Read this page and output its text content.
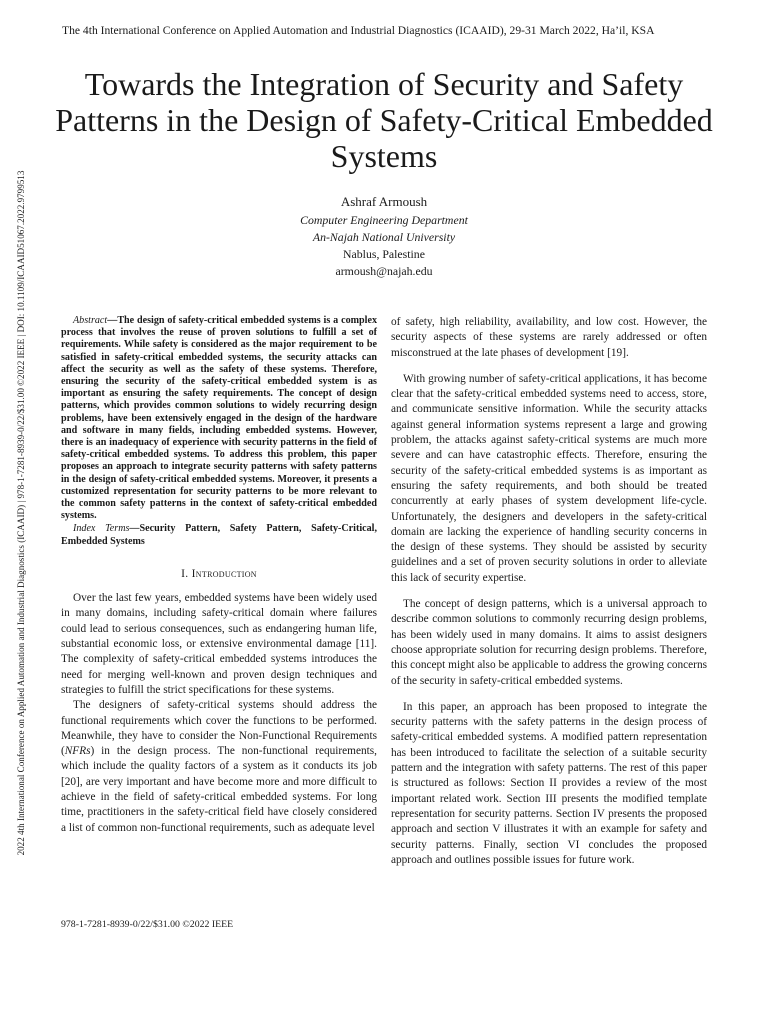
The 4th International Conference on Applied Automation and Industrial Diagnostics (ICAAID), 29-31 March 2022, Ha’il, KSA
2022 4th International Conference on Applied Automation and Industrial Diagnostics (ICAAID) | 978-1-7281-8939-0/22/$31.00 ©2022 IEEE | DOI: 10.1109/ICAAID51067.2022.9799513
Towards the Integration of Security and Safety Patterns in the Design of Safety-Critical Embedded Systems
Ashraf Armoush
Computer Engineering Department
An-Najah National University
Nablus, Palestine
armoush@najah.edu

Abstract—The design of safety-critical embedded systems is a complex process that involves the reuse of proven solutions to fulfill a set of requirements. While safety is considered as the major requirement to be satisfied in safety-critical embedded systems, the security attacks can affect the security as well as the safety of these systems. Therefore, ensuring the security of the safety-critical embedded system is as important as ensuring the safety requirements. The concept of design patterns, which provides common solutions to widely recurring design problems, have been extensively engaged in the design of the hardware and software in many fields, including embedded systems. However, there is an inadequacy of experience with security patterns in the field of safety-critical embedded systems. To address this problem, this paper proposes an approach to integrate security patterns with safety patterns in the design of safety-critical embedded systems. Moreover, it presents a customized representation for security patterns to be more relevant to the common safety patterns in the context of safety-critical embedded systems.

Index Terms—Security Pattern, Safety Pattern, Safety-Critical, Embedded Systems

I. Introduction

Over the last few years, embedded systems have been widely used in many domains, including safety-critical domain where failures could lead to serious consequences, such as endangering human life, substantial economic loss, or extensive environmental damage [11]. The complexity of safety-critical embedded systems introduces the need for merging well-known and proven design techniques and strategies to fulfill the strict specifications for these systems.

The designers of safety-critical systems should address the functional requirements which cover the functions to be performed. Meanwhile, they have to consider the Non-Functional Requirements (NFRs) in the design process. The non-functional requirements, which include the quality factors of a system as it conducts its job [20], are very important and have become more and more difficult to achieve in the field of safety-critical embedded systems. For long time, practitioners in the safety-critical field have closely considered a list of common non-functional requirements, such as adequate level

of safety, high reliability, availability, and low cost. However, the security aspects of these systems are rarely addressed or often misconstrued at the late phases of development [19].

With growing number of safety-critical applications, it has become clear that the safety-critical embedded systems need to access, store, and communicate sensitive information. While the security attacks against general information systems represent a large and growing problem, the attacks against safety-critical systems are much more severe and can have catastrophic effects. Therefore, ensuring the security of the safety-critical embedded systems is as important as ensuring the safety requirements, and both should be treated concurrently at early phases of system development life-cycle. Unfortunately, the designers and developers in the safety-critical domain are lacking the experience of handling security concerns in the design of these systems. They should be assisted by security guidelines and a set of proven security solutions in order to alleviate this lack of security expertise.

The concept of design patterns, which is a universal approach to describe common solutions to commonly recurring design problems, has been widely used in many domains. It aims to assist designers choose appropriate solution for recurring design problems. Therefore, this concept might also be applicable to address the growing concerns of the security in safety-critical embedded systems.

In this paper, an approach has been proposed to integrate the security patterns with the safety patterns in the design process of safety-critical embedded systems. A modified pattern representation has been introduced to facilitate the selection of a suitable security pattern and the integration with safety patterns. The rest of this paper is structured as follows: Section II provides a review of the most important related work. Section III presents the modified template representation for security patterns. Section IV presents the proposed approach and section V illustrates it with an example for safety and security patterns. Finally, section VI concludes the proposed approach and outlines possible issues for future work.

978-1-7281-8939-0/22/$31.00 ©2022 IEEE
